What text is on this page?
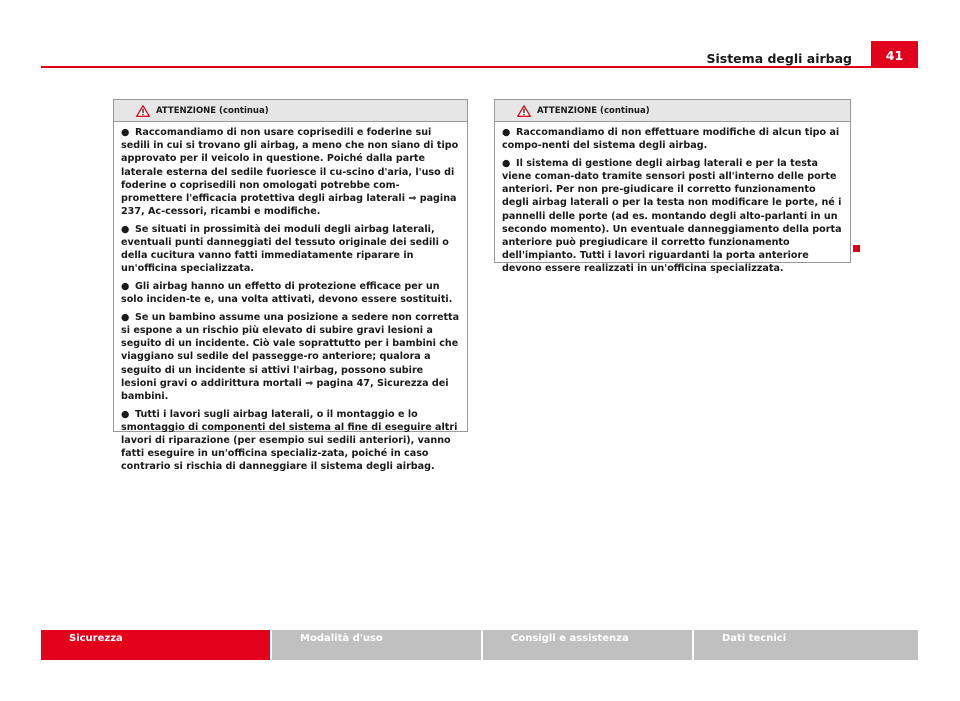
Sistema degli airbag	41
ATTENZIONE (continua)

● Raccomandiamo di non usare coprisedili e foderine sui sedili in cui si trovano gli airbag, a meno che non siano di tipo approvato per il veicolo in questione. Poiché dalla parte laterale esterna del sedile fuoriesce il cu-scino d'aria, l'uso di foderine o coprisedili non omologati potrebbe com-promettere l'efficacia protettiva degli airbag laterali ⇒ pagina 237, Ac-cessori, ricambi e modifiche.

● Se situati in prossimità dei moduli degli airbag laterali, eventuali punti danneggiati del tessuto originale dei sedili o della cucitura vanno fatti immediatamente riparare in un'officina specializzata.

● Gli airbag hanno un effetto di protezione efficace per un solo inciden-te e, una volta attivati, devono essere sostituiti.

● Se un bambino assume una posizione a sedere non corretta si espone a un rischio più elevato di subire gravi lesioni a seguito di un incidente. Ciò vale soprattutto per i bambini che viaggiano sul sedile del passegge-ro anteriore; qualora a seguito di un incidente si attivi l'airbag, possono subire lesioni gravi o addirittura mortali ⇒ pagina 47, Sicurezza dei bambini.

● Tutti i lavori sugli airbag laterali, o il montaggio e lo smontaggio di componenti del sistema al fine di eseguire altri lavori di riparazione (per esempio sui sedili anteriori), vanno fatti eseguire in un'officina specializ-zata, poiché in caso contrario si rischia di danneggiare il sistema degli airbag.

ATTENZIONE (continua)

● Raccomandiamo di non effettuare modifiche di alcun tipo ai compo-nenti del sistema degli airbag.

● Il sistema di gestione degli airbag laterali e per la testa viene coman-dato tramite sensori posti all'interno delle porte anteriori. Per non pre-giudicare il corretto funzionamento degli airbag laterali o per la testa non modificare le porte, né i pannelli delle porte (ad es. montando degli alto-parlanti in un secondo momento). Un eventuale danneggiamento della porta anteriore può pregiudicare il corretto funzionamento dell'impianto. Tutti i lavori riguardanti la porta anteriore devono essere realizzati in un'officina specializzata.

Sicurezza	Modalità d'uso	Consigli e assistenza	Dati tecnici
